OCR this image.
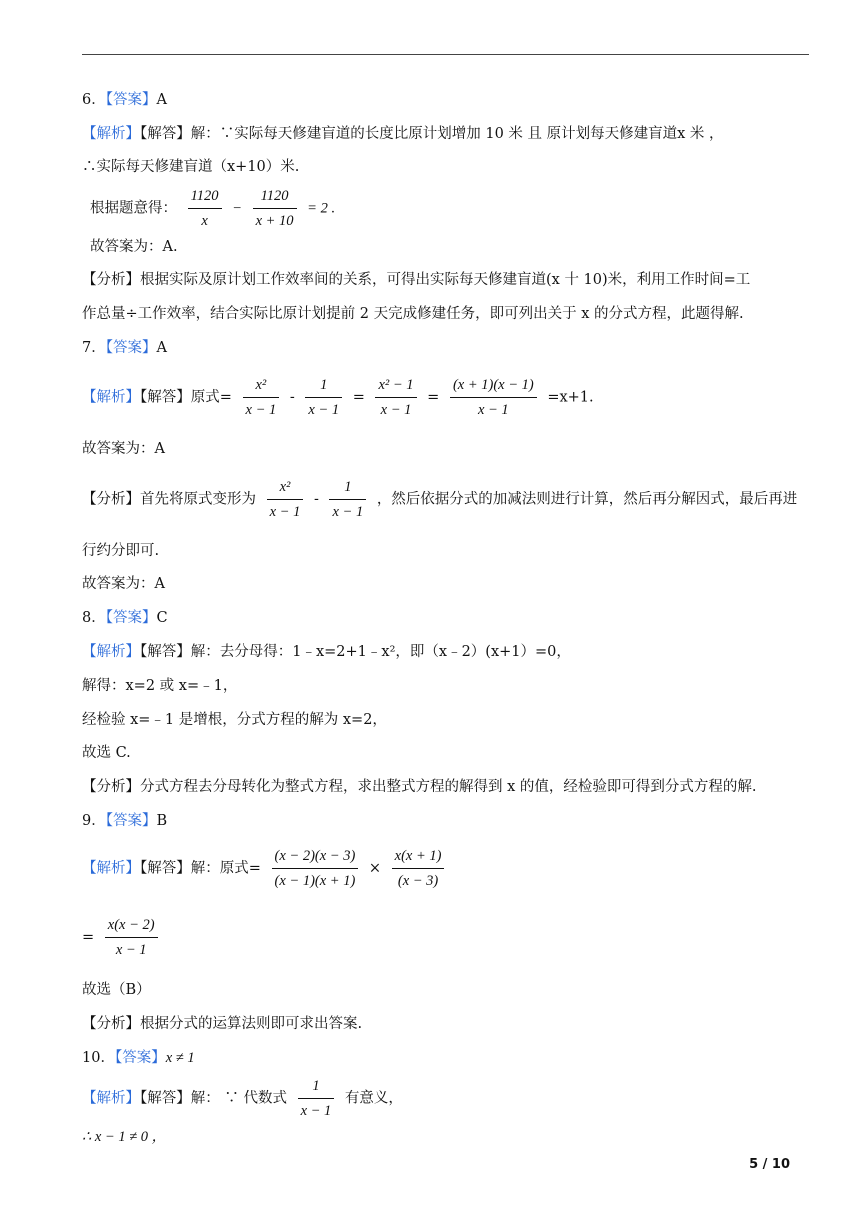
6．【答案】A
【解析】【解答】解：∵实际每天修建盲道的长度比原计划增加 10 米 且 原计划每天修建盲道x 米 ，
∴实际每天修建盲道（x+10）米.
根据题意得： $\frac{1120}{x} - \frac{1120}{x + 10} = 2$ .
故答案为：A.
【分析】根据实际及原计划工作效率间的关系，可得出实际每天修建盲道(x 十 10)米，利用工作时间=工
作总量÷工作效率，结合实际比原计划提前 2 天完成修建任务，即可列出关于 x 的分式方程，此题得解.
7．【答案】A
【解析】【解答】原式= $\frac{\text{x²}}{x - 1} - \frac{1}{x - 1} = \frac{\text{x² − 1}}{x - 1} = \frac{(x + 1)(x - 1)}{x - 1} =x+1$.
故答案为：A
【分析】首先将原式变形为 $\frac{\text{x²}}{x - 1} - \frac{1}{x - 1}$ ，然后依据分式的加减法则进行计算，然后再分解因式，最后再进
行约分即可.
故答案为：A
8．【答案】C
【解析】【解答】解：去分母得：1﹣x=2+1﹣x²，即（x﹣2）(x+1）=0，
解得：x=2 或 x=﹣1，
经检验 x=﹣1 是增根，分式方程的解为 x=2，
故选 C.
【分析】分式方程去分母转化为整式方程，求出整式方程的解得到 x 的值，经检验即可得到分式方程的解.
9．【答案】B
【解析】【解答】解：原式= $\frac{(x - 2)(x - 3)}{(x - 1)(x + 1)} \times \frac{x(x + 1)}{(x - 3)}$
= $\frac{x(x - 2)}{x - 1}$
故选（B）
【分析】根据分式的运算法则即可求出答案.
10．【答案】x ≠ 1
【解析】【解答】解： ∵ 代数式 $\frac{1}{x - 1}$ 有意义，
∴ x − 1 ≠ 0 ，
5 / 10
